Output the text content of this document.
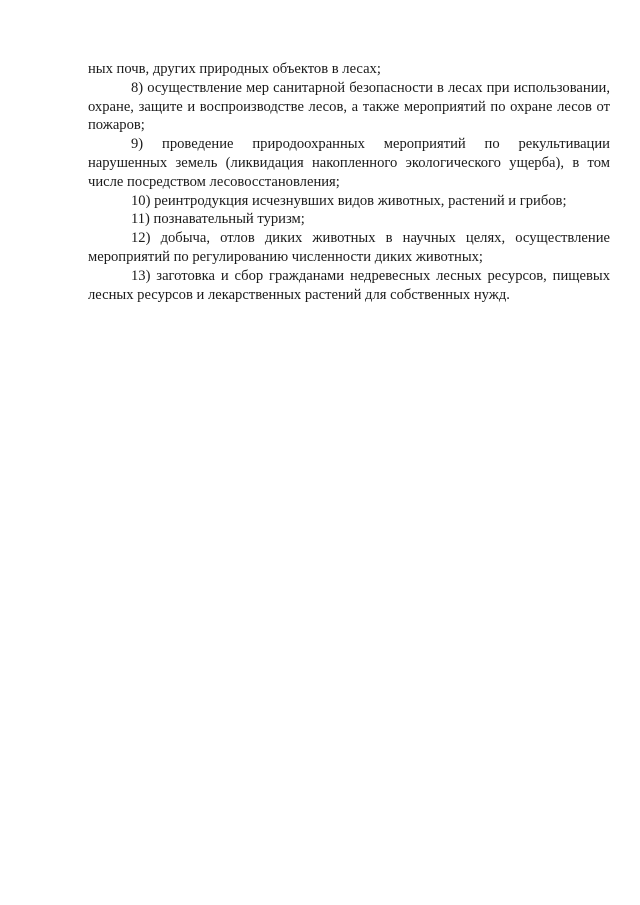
ных почв, других природных объектов в лесах;

8) осуществление мер санитарной безопасности в лесах при использовании, охране, защите и воспроизводстве лесов, а также мероприятий по охране лесов от пожаров;

9) проведение природоохранных мероприятий по рекультивации нарушенных земель (ликвидация накопленного экологического ущерба), в том числе посредством лесовосстановления;

10) реинтродукция исчезнувших видов животных, растений и грибов;

11) познавательный туризм;

12) добыча, отлов диких животных в научных целях, осуществление мероприятий по регулированию численности диких животных;

13) заготовка и сбор гражданами недревесных лесных ресурсов, пищевых лесных ресурсов и лекарственных растений для собственных нужд.
